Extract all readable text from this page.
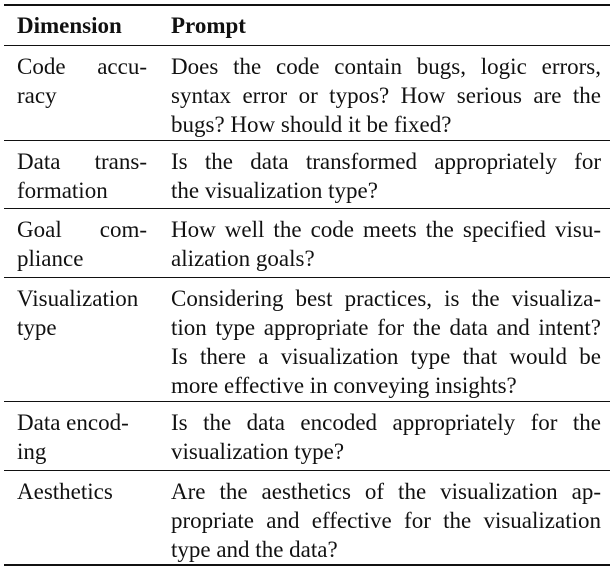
Dimension	Prompt
Code accu-
racy
Does the code contain bugs, logic errors,
syntax error or typos? How serious are the
bugs? How should it be fixed?
Data trans-
formation
Is the data transformed appropriately for
the visualization type?
Goal com-
pliance
How well the code meets the specified visu-
alization goals?
Visualization
type
Considering best practices, is the visualiza-
tion type appropriate for the data and intent?
Is there a visualization type that would be
more effective in conveying insights?
Data encod-
ing
Is the data encoded appropriately for the
visualization type?
Aesthetics	Are the aesthetics of the visualization ap-
propriate and effective for the visualization
type and the data?
